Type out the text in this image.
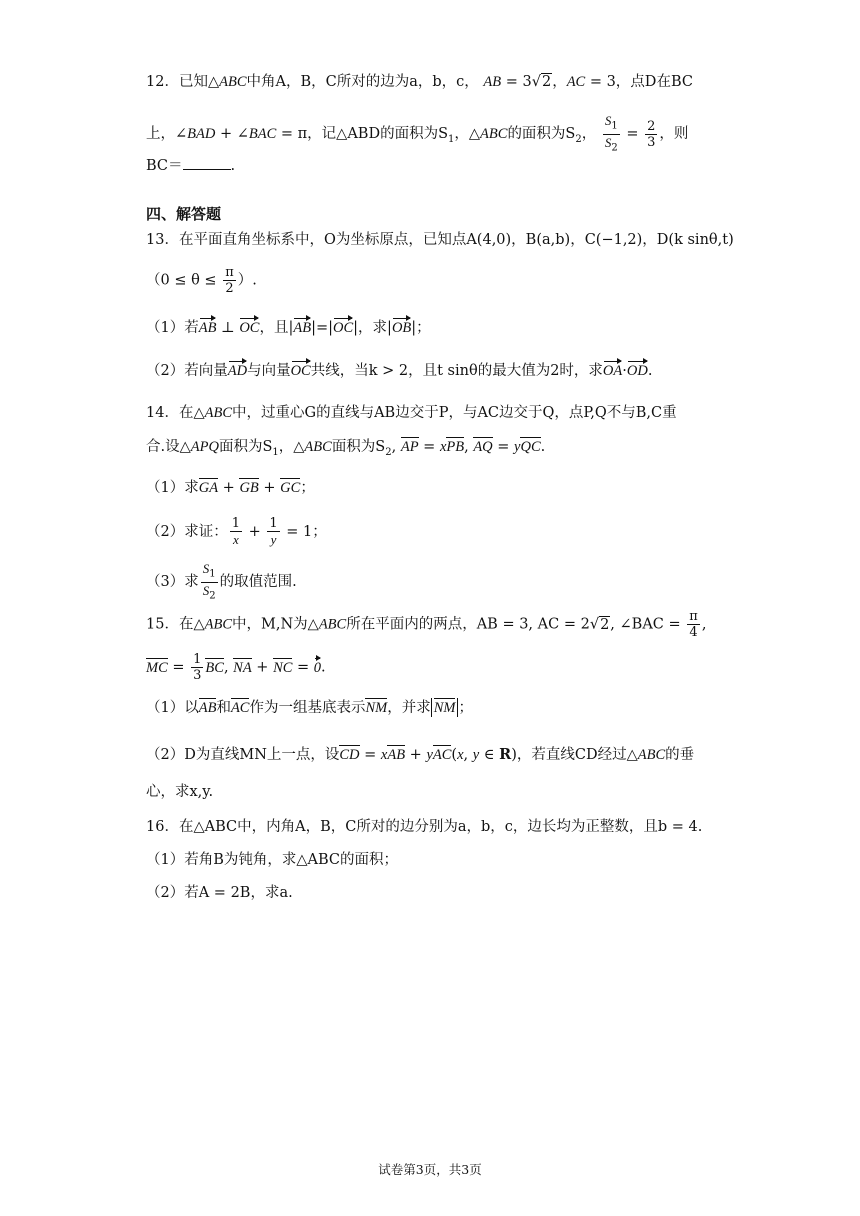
12．已知△ABC中角A，B，C所对的边为a，b，c， AB = 3√2，AC = 3，点D在BC
上，∠BAD + ∠BAC = π，记△ABD的面积为$S_1$，△ABC的面积为$S_2$， $\frac{S_1}{S_2} = \frac{2}{3}$ ，则
BC＝	.
四、解答题
13．在平面直角坐标系中，O为坐标原点，已知点A(4,0)，B(a,b)，C(−1,2)，D(k sinθ,t)
（$0 \le \theta \le \frac{\pi}{2}$ ）.
（1）若AB ⊥ OC，且|AB|=|OC|，求|OB|；
（2）若向量AD与向量OC共线，当k > 2，且t sinθ的最大值为2时，求OA·OD.
14．在△ABC中，过重心G的直线与AB边交于P，与AC边交于Q，点P,Q不与B,C重
合.设△APQ面积为$S_1$，△ABC面积为$S_2$, AP = xPB, AQ = yQC.
（1）求GA + GB + GC；
（2）求证： $\frac{1}{x} + \frac{1}{y} = 1$；
（3）求 $\frac{S_1}{S_2}$ 的取值范围.
15．在△ABC中，M,N为△ABC所在平面内的两点，AB = 3, AC = 2√2, ∠BAC = $\frac{\pi}{4}$ ,
MC = $\frac{1}{3}$ BC, NA + NC = 0.
（1）以AB和AC作为一组基底表示NM，并求 NM ；
（2）D为直线MN上一点，设CD = xAB + yAC(x, y ∈ R)，若直线CD经过△ABC的垂
心，求x,y.
16．在△ABC中，内角A，B，C所对的边分别为a，b，c，边长均为正整数，且b = 4.
（1）若角B为钝角，求△ABC的面积；
（2）若A = 2B，求a.
试卷第3页，共3页
